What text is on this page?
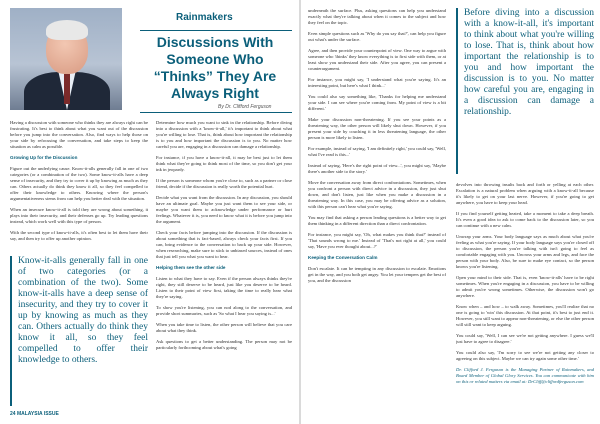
Rainmakers
Discussions With Someone Who “Thinks” They Are Always Right
By Dr. Clifford Ferguson

Having a discussion with someone who thinks they are always right can be frustrating. It's best to think about what you want out of the discussion before you jump into the conversation. Also, find ways to help those on your side by refocusing the conversation, and take steps to keep the situation as calm as possible.

Growing Up for the Discussion

Figure out the underlying cause. Know-it-alls generally fall in one of two categories (or a combination of the two). Some know-it-alls have a deep sense of insecurity, and they try to cover it up by knowing as much as they can. Others actually do think they know it all, so they feel compelled to offer their knowledge to others. Knowing where the person's argumentativeness stems from can help you better deal with the situation.

When an insecure know-it-all is told they are wrong about something, it plays into their insecurity, and their defenses go up. Try leading questions instead, which work well with this type of person.

With the second type of know-it-alls, it's often best to let them have their say, and then try to offer up another opinion.

Know-it-alls generally fall in one of two categories (or a combination of the two). Some know-it-alls have a deep sense of insecurity, and they try to cover it up by knowing as much as they can. Others actually do think they know it all, so they feel compelled to offer their knowledge to others.

Determine how much you want to sink in the relationship. Before diving into a discussion with a 'know-it-all,' it's important to think about what you're willing to lose. That is, think about how important the relationship is to you and how important the discussion is to you. No matter how careful you are, engaging in a discussion can damage a relationship.

For instance, if you have a know-it-all, it may be best just to let them think what they're going to think most of the time, so you don't get your ink in jeopardy.

If the person is someone whom you're close to, such as a partner or close friend, decide if the discussion is really worth the potential hurt.

Decide what you want from the discussion. In any discussion, you should have an ultimate goal. Maybe you just want them to see your side, or maybe you want them to acknowledge under performance or hurt feelings. Whatever it is, you need to know what it is before you jump into the argument.

Check your facts before jumping into the discussion. If the discussion is about something that is fact-based, always check your facts first. If you can, bring evidence to the conversation to back up your side. However, when researching, make sure to stick to unbiased sources, instead of ones that just tell you what you want to hear.

Helping them see the other side

Listen to what they have to say. Even if the person always thinks they're right, they still deserve to be heard, just like you deserve to be heard. Listen to their point of view first, taking the time to really hear what they're saying.

To show you're listening, you can nod along to the conversation, and provide short summaries, such as 'So what I hear you saying is...'

When you take time to listen, the other person will believe that you care about what they think.

Ask questions to get a better understanding. The person may not be particularly forthcoming about what's going

24 MALAYSIA ISSUE

underneath the surface. Plus, asking questions can help you understand exactly what they're talking about when it comes to the subject and how they feel on the topic.

Even simple questions such as 'Why do you say that?', can help you figure out what's under the surface.

Agree, and then provide your counterpoint of view. One way to argue with someone who 'thinks' they know everything is to first side with them, or at least show you understand their side. After you agree, you can present a counterargument.

For instance, you might say, 'I understand what you're saying. It's an interesting point, but here's what I think...'

You could also say something like, 'Thanks for helping me understand your side. I can see where you're coming from. My point of view is a bit different.'

Make your discussion non-threatening. If you see your points as a threatening way, the other person will likely shut down. However, if you present your side by couching it in less threatening language, the other person is more likely to listen.

For example, instead of saying, 'I am definitely right,' you could say, 'Well, what I've read is this...'

Instead of saying, 'Here's the right point of view...', you might say, 'Maybe there's another side to the story.'

Move the conversation away from direct confrontations. Sometimes, when you confront a person with direct advice in a discussion, they just shut down, and don't listen, just like when you make a discussion in a threatening way. In this case, you may be offering advice as a solution, with this person can't hear what you're saying.

You may find that asking a person leading questions is a better way to get them thinking in a different direction than a direct confrontation.

For instance, you might say, 'Oh, what makes you think that?' instead of 'That sounds wrong to me.' Instead of 'That's not right at all,' you could say, 'Have you ever thought about...?'

Keeping the Conversation Calm

Don't escalate. It can be tempting in any discussion to escalate. Emotions get in the way, and you both get angry. You let your tempers get the best of you, and the discussion

Before diving into a discussion with a know-it-all, it's important to think about what you're willing to lose. That is, think about how important the relationship is to you and how important the discussion is to you. No matter how careful you are, engaging in a discussion can damage a relationship.

devolves into throwing insults back and forth or yelling at each other. Escalation is a natural problem when arguing with a know-it-all because it's likely to get on your last nerve. However, if you're going to get anywhere, you have to keep your head.

If you find yourself getting heated, take a moment to take a deep breath. It's even a good idea to ask to come back to the discussion later, so you can continue with a new calm.

Unwrap your arms. Your body language says as much about what you're feeling as what you're saying. If your body language says you're closed off to discussion, the person you're talking with isn't going to feel as comfortable engaging with you. Uncross your arms and legs, and face the person with your body. Also, be sure to make eye contact, so the person knows you're listening.

Open your mind to their side. That is, even 'know-it-alls' have to be right sometimes. When you're engaging in a discussion, you have to be willing to admit you're wrong sometimes. Otherwise, the discussion won't go anywhere.

Know when – and how – to walk away. Sometimes, you'll realize that no one is going to 'win' this discussion. At that point, it's best to just end it. However, you still want to appear non-threatening, or else the other person will still want to keep arguing.

You could say, 'Well, I can see we're not getting anywhere. I guess we'll just have to agree to disagree.'

You could also say, 'I'm sorry to see we're not getting any closer to agreeing on this subject. Maybe we can try again some other time.'

Dr. Clifford J. Ferguson is the Managing Partner of Rainmakers, and Board Member of Global Glory Services. You can communicate with him on this or related matters via email at: DrCliff@cliffordferguson.com
